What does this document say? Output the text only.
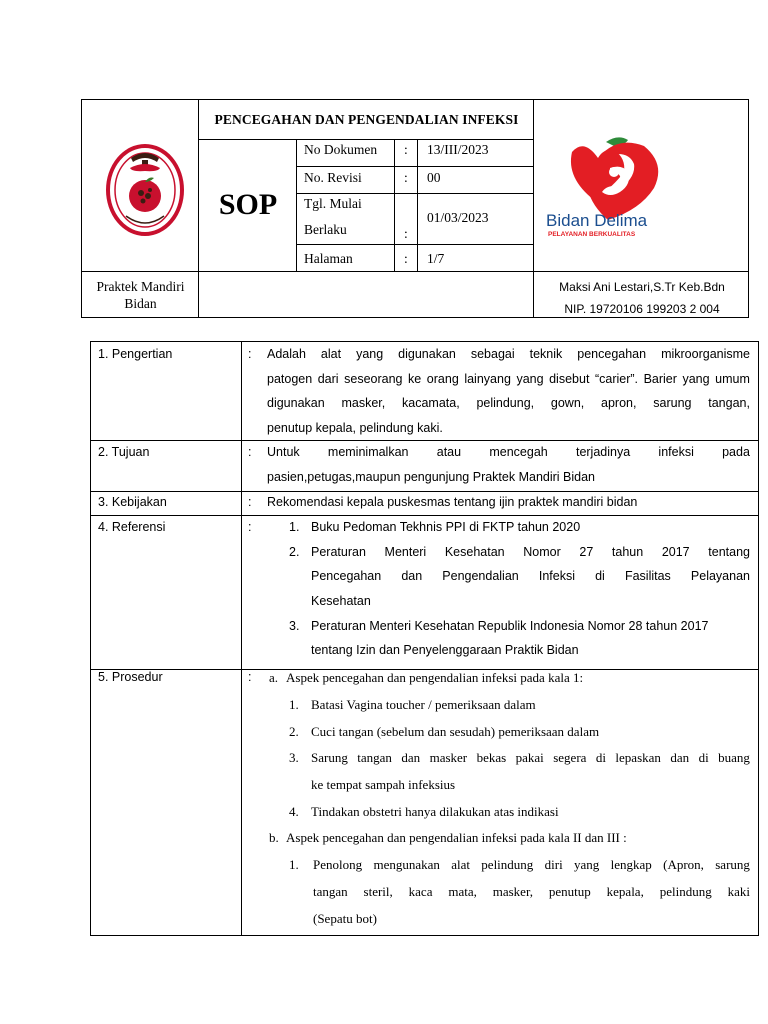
PENCEGAHAN DAN PENGENDALIAN INFEKSI
SOP
No Dokumen : 13/III/2023
No. Revisi	: 00
Tgl. Mulai
Berlaku	:
01/03/2023
Halaman	: 1/7
Bidan Delima
PELAYANAN BERKUALITAS
Praktek Mandiri
Bidan
Maksi Ani Lestari,S.Tr Keb.Bdn
NIP. 19720106 199203 2 004
1. Pengertian	: Adalah alat yang digunakan sebagai teknik pencegahan mikroorganisme
patogen dari seseorang ke orang lainyang yang disebut “carier”. Barier yang umum
digunakan masker, kacamata, pelindung, gown, apron, sarung tangan,
penutup kepala, pelindung kaki.
2. Tujuan	: Untuk meminimalkan atau mencegah terjadinya infeksi pada
pasien,petugas,maupun pengunjung Praktek Mandiri Bidan
3. Kebijakan	: Rekomendasi kepala puskesmas tentang ijin praktek mandiri bidan
4. Referensi	:	1. Buku Pedoman Tekhnis PPI di FKTP tahun 2020
2. Peraturan Menteri Kesehatan Nomor 27 tahun 2017 tentang
Pencegahan dan Pengendalian Infeksi di Fasilitas Pelayanan
Kesehatan
3. Peraturan Menteri Kesehatan Republik Indonesia Nomor 28 tahun 2017
tentang Izin dan Penyelenggaraan Praktik Bidan
5. Prosedur	: a. Aspek pencegahan dan pengendalian infeksi pada kala 1:
1. Batasi Vagina toucher / pemeriksaan dalam
2. Cuci tangan (sebelum dan sesudah) pemeriksaan dalam
3. Sarung tangan dan masker bekas pakai segera di lepaskan dan di buang
ke tempat sampah infeksius
4. Tindakan obstetri hanya dilakukan atas indikasi
b. Aspek pencegahan dan pengendalian infeksi pada kala II dan III :
1. Penolong mengunakan alat pelindung diri yang lengkap (Apron, sarung
tangan steril, kaca mata, masker, penutup kepala, pelindung kaki
(Sepatu bot)
